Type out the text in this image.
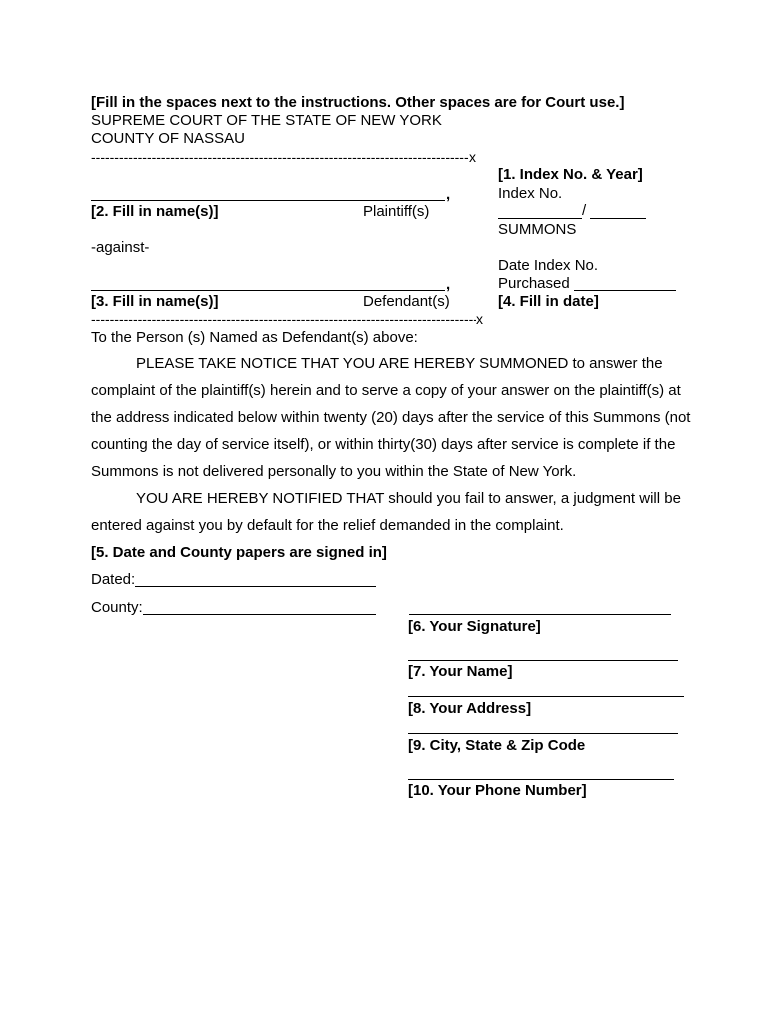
[Fill in the spaces next to the instructions. Other spaces are for Court use.]
SUPREME COURT OF THE STATE OF NEW YORK
COUNTY OF NASSAU
-----
x
[1. Index No. & Year]
Index No.
/
SUMMONS
Date Index No.
Purchased
[4. Fill in date]
,
[2. Fill in name(s)]	Plaintiff(s)
-against-
,
[3. Fill in name(s)]	Defendant(s)
-----
x
To the Person (s) Named as Defendant(s) above:
PLEASE TAKE NOTICE THAT YOU ARE HEREBY SUMMONED to answer the
complaint of the plaintiff(s) herein and to serve a copy of your answer on the plaintiff(s) at
the address indicated below within twenty (20) days after the service of this Summons (not
counting the day of service itself), or within thirty(30) days after service is complete if the
Summons is not delivered personally to you within the State of New York.
YOU ARE HEREBY NOTIFIED THAT should you fail to answer, a judgment will be
entered against you by default for the relief demanded in the complaint.
[5. Date and County papers are signed in]
Dated:
County:
[6. Your Signature]
[7. Your Name]
[8. Your Address]
[9. City, State & Zip Code
[10. Your Phone Number]
